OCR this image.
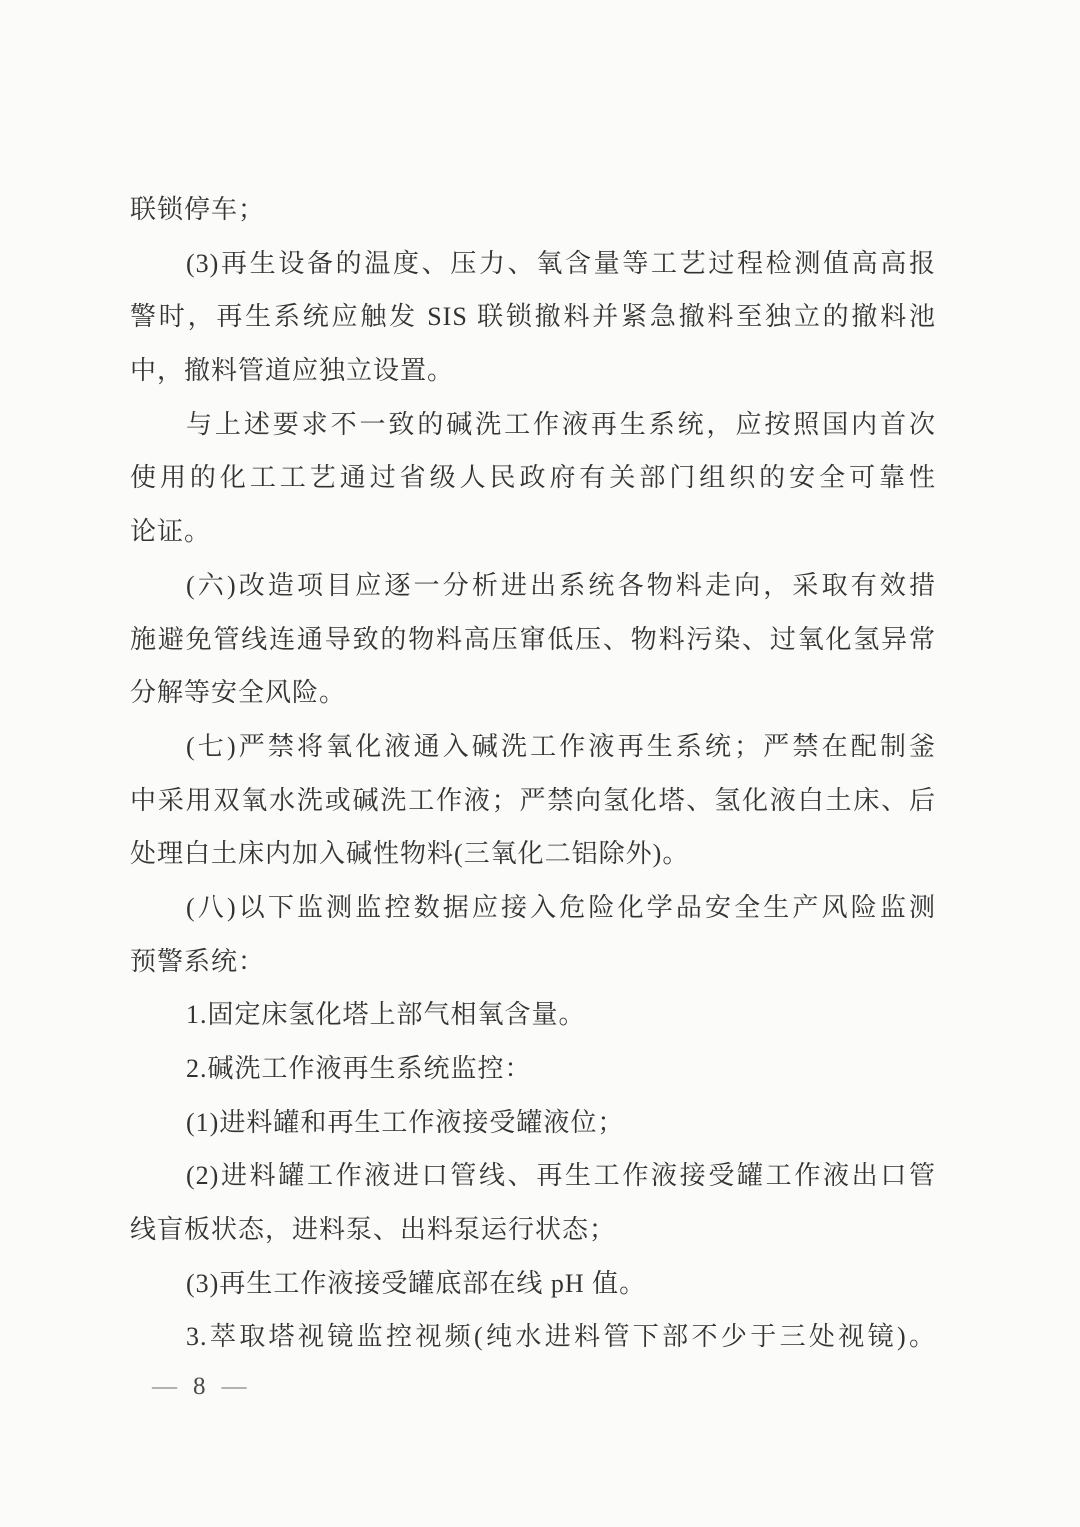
联锁停车；
(3)再生设备的温度、压力、氧含量等工艺过程检测值高高报
警时，再生系统应触发 SIS 联锁撤料并紧急撤料至独立的撤料池
中，撤料管道应独立设置。
与上述要求不一致的碱洗工作液再生系统，应按照国内首次
使用的化工工艺通过省级人民政府有关部门组织的安全可靠性
论证。
(六)改造项目应逐一分析进出系统各物料走向，采取有效措
施避免管线连通导致的物料高压窜低压、物料污染、过氧化氢异常
分解等安全风险。
(七)严禁将氧化液通入碱洗工作液再生系统；严禁在配制釜
中采用双氧水洗或碱洗工作液；严禁向氢化塔、氢化液白土床、后
处理白土床内加入碱性物料(三氧化二铝除外)。
(八)以下监测监控数据应接入危险化学品安全生产风险监测
预警系统：
1.固定床氢化塔上部气相氧含量。
2.碱洗工作液再生系统监控：
(1)进料罐和再生工作液接受罐液位；
(2)进料罐工作液进口管线、再生工作液接受罐工作液出口管
线盲板状态，进料泵、出料泵运行状态；
(3)再生工作液接受罐底部在线 pH 值。
3.萃取塔视镜监控视频(纯水进料管下部不少于三处视镜)。
— 8 —
